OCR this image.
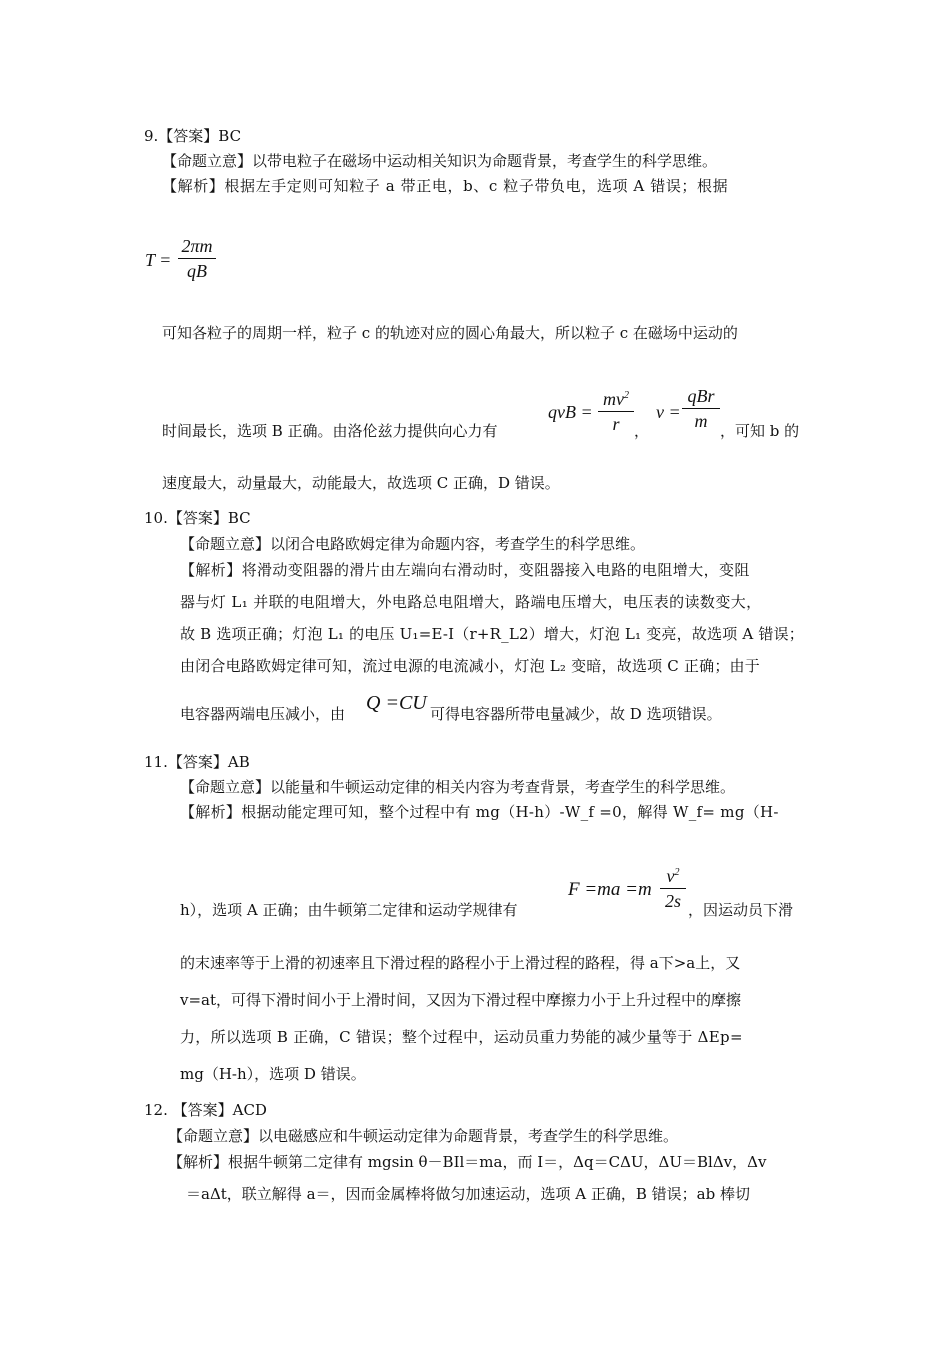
9.【答案】BC
【命题立意】以带电粒子在磁场中运动相关知识为命题背景，考查学生的科学思维。
【解析】根据左手定则可知粒子 a 带正电，b、c 粒子带负电，选项 A 错误；根据
T =
2πm
qB
可知各粒子的周期一样，粒子 c 的轨迹对应的圆心角最大，所以粒子 c 在磁场中运动的
时间最长，选项 B 正确。由洛伦兹力提供向心力有
qvB =
$mv^2$
r ，
v =
qBr
m ，可知 b 的
速度最大，动量最大，动能最大，故选项 C 正确，D 错误。
10.【答案】BC
【命题立意】以闭合电路欧姆定律为命题内容，考查学生的科学思维。
【解析】将滑动变阻器的滑片由左端向右滑动时，变阻器接入电路的电阻增大，变阻
器与灯 L₁ 并联的电阻增大，外电路总电阻增大，路端电压增大，电压表的读数变大，
故 B 选项正确；灯泡 L₁ 的电压 U₁=E-I（r+R_L2）增大，灯泡 L₁ 变亮，故选项 A 错误；
由闭合电路欧姆定律可知，流过电源的电流减小，灯泡 L₂ 变暗，故选项 C 正确；由于
电容器两端电压减小，由 Q =CU 可得电容器所带电量减少，故 D 选项错误。
11.【答案】AB
【命题立意】以能量和牛顿运动定律的相关内容为考查背景，考查学生的科学思维。
【解析】根据动能定理可知，整个过程中有 mg（H-h）-W_f =0，解得 W_f= mg（H-
h），选项 A 正确；由牛顿第二定律和运动学规律有
F =ma =m
$v^2$
2s ，因运动员下滑
的末速率等于上滑的初速率且下滑过程的路程小于上滑过程的路程，得 a下>a上，又
v=at，可得下滑时间小于上滑时间，又因为下滑过程中摩擦力小于上升过程中的摩擦
力，所以选项 B 正确，C 错误；整个过程中，运动员重力势能的减少量等于 ΔEp=
mg（H-h），选项 D 错误。
12. 【答案】ACD
【命题立意】以电磁感应和牛顿运动定律为命题背景，考查学生的科学思维。
【解析】根据牛顿第二定律有 mgsin θ－BIl＝ma，而 I＝，Δq＝CΔU，ΔU＝BlΔv，Δv
＝aΔt，联立解得 a＝，因而金属棒将做匀加速运动，选项 A 正确，B 错误；ab 棒切
